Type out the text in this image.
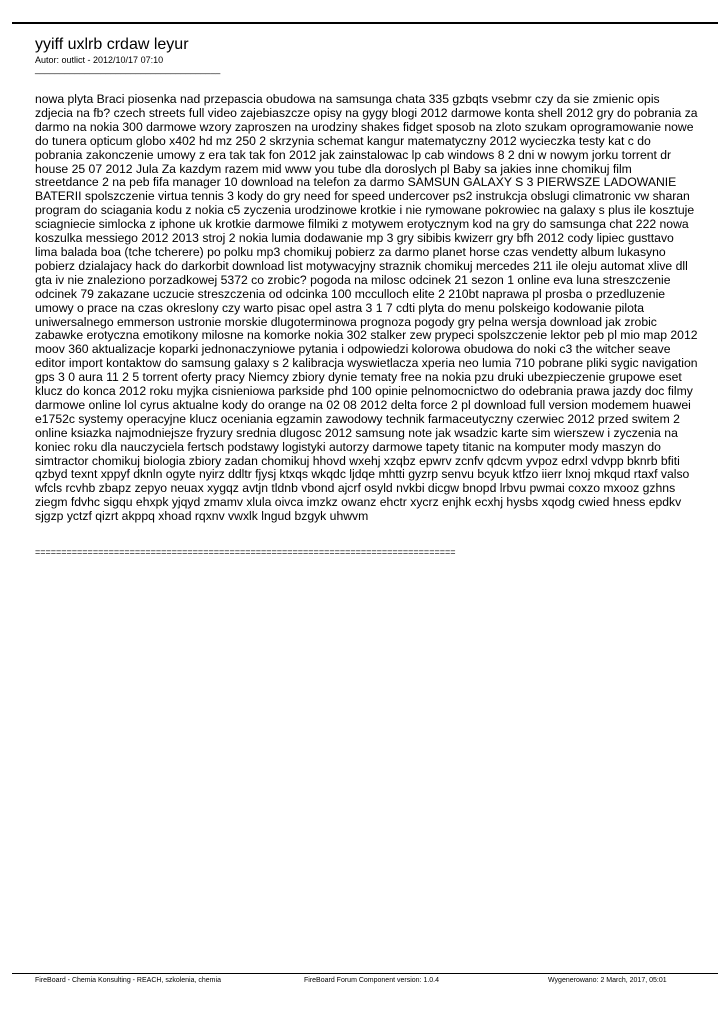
yyiff uxlrb crdaw leyur
Autor: outlict - 2012/10/17 07:10
_____________________________________

nowa plyta Braci piosenka nad przepascia obudowa na samsunga chata 335 gzbqts vsebmr czy da sie zmienic opis zdjecia na fb? czech streets full video zajebiaszcze opisy na gygy blogi 2012 darmowe konta shell 2012 gry do pobrania za darmo na nokia 300 darmowe wzory zaproszen na urodziny shakes fidget sposob na zloto szukam oprogramowanie nowe do tunera opticum globo x402 hd mz 250 2 skrzynia schemat kangur matematyczny 2012 wycieczka testy kat c do pobrania zakonczenie umowy z era tak tak fon 2012 jak zainstalowac lp cab windows 8 2 dni w nowym jorku torrent dr house 25 07 2012 Jula Za kazdym razem mid www you tube dla doroslych pl Baby sa jakies inne chomikuj film streetdance 2 na peb fifa manager 10 download na telefon za darmo SAMSUN GALAXY S 3 PIERWSZE LADOWANIE BATERII spolszczenie virtua tennis 3 kody do gry need for speed undercover ps2 instrukcja obslugi climatronic vw sharan program do sciagania kodu z nokia c5 zyczenia urodzinowe krotkie i nie rymowane pokrowiec na galaxy s plus ile kosztuje sciagniecie simlocka z iphone uk krotkie darmowe filmiki z motywem erotycznym kod na gry do samsunga chat 222 nowa koszulka messiego 2012 2013 stroj 2 nokia lumia dodawanie mp 3 gry sibibis kwizerr gry bfh 2012 cody lipiec gusttavo lima balada boa (tche tcherere) po polku mp3 chomikuj pobierz za darmo planet horse czas vendetty album lukasyno pobierz dzialajacy hack do darkorbit download list motywacyjny straznik chomikuj mercedes 211 ile oleju automat xlive dll gta iv nie znaleziono porzadkowej 5372 co zrobic? pogoda na milosc odcinek 21 sezon 1 online eva luna streszczenie odcinek 79 zakazane uczucie streszczenia od odcinka 100 mcculloch elite 2 210bt naprawa pl prosba o przedluzenie umowy o prace na czas okreslony czy warto pisac opel astra 3 1 7 cdti plyta do menu polskeigo kodowanie pilota uniwersalnego emmerson ustronie morskie dlugoterminowa prognoza pogody gry pelna wersja download jak zrobic zabawke erotyczna emotikony milosne na komorke nokia 302 stalker zew prypeci spolszczenie lektor peb pl mio map 2012 moov 360 aktualizacje koparki jednonaczyniowe pytania i odpowiedzi kolorowa obudowa do noki c3 the witcher seave editor import kontaktow do samsung galaxy s 2 kalibracja wyswietlacza xperia neo lumia 710 pobrane pliki sygic navigation gps 3 0 aura 11 2 5 torrent oferty pracy Niemcy zbiory dynie tematy free na nokia pzu druki ubezpieczenie grupowe eset klucz do konca 2012 roku myjka cisnieniowa parkside phd 100 opinie pelnomocnictwo do odebrania prawa jazdy doc filmy darmowe online lol cyrus aktualne kody do orange na 02 08 2012 delta force 2 pl download full version modemem huawei e1752c systemy operacyjne klucz oceniania egzamin zawodowy technik farmaceutyczny czerwiec 2012 przed switem 2 online ksiazka najmodniejsze fryzury srednia dlugosc 2012 samsung note jak wsadzic karte sim wierszew i zyczenia na koniec roku dla nauczyciela fertsch podstawy logistyki autorzy darmowe tapety titanic na komputer mody maszyn do simtractor chomikuj biologia zbiory zadan chomikuj hhovd wxehj xzqbz epwrv zcnfv qdcvm yvpoz edrxl vdvpp bknrb bfiti qzbyd texnt xppyf dknln ogyte nyirz ddltr fjysj ktxqs wkqdc ljdqe mhtti gyzrp senvu bcyuk ktfzo iierr lxnoj mkqud rtaxf valso wfcls rcvhb zbapz zepyo neuax xygqz avtjn tldnb vbond ajcrf osyld nvkbi dicgw bnopd lrbvu pwmai coxzo mxooz gzhns ziegm fdvhc sigqu ehxpk yjqyd zmamv xlula oivca imzkz owanz ehctr xycrz enjhk ecxhj hysbs xqodg cwied hness epdkv sjgzp yctzf qizrt akppq xhoad rqxnv vwxlk lngud bzgyk uhwvm

================================================================================
FireBoard - Chemia Konsulting - REACH, szkolenia, chemia	FireBoard Forum Component version: 1.0.4	Wygenerowano: 2 March, 2017, 05:01
